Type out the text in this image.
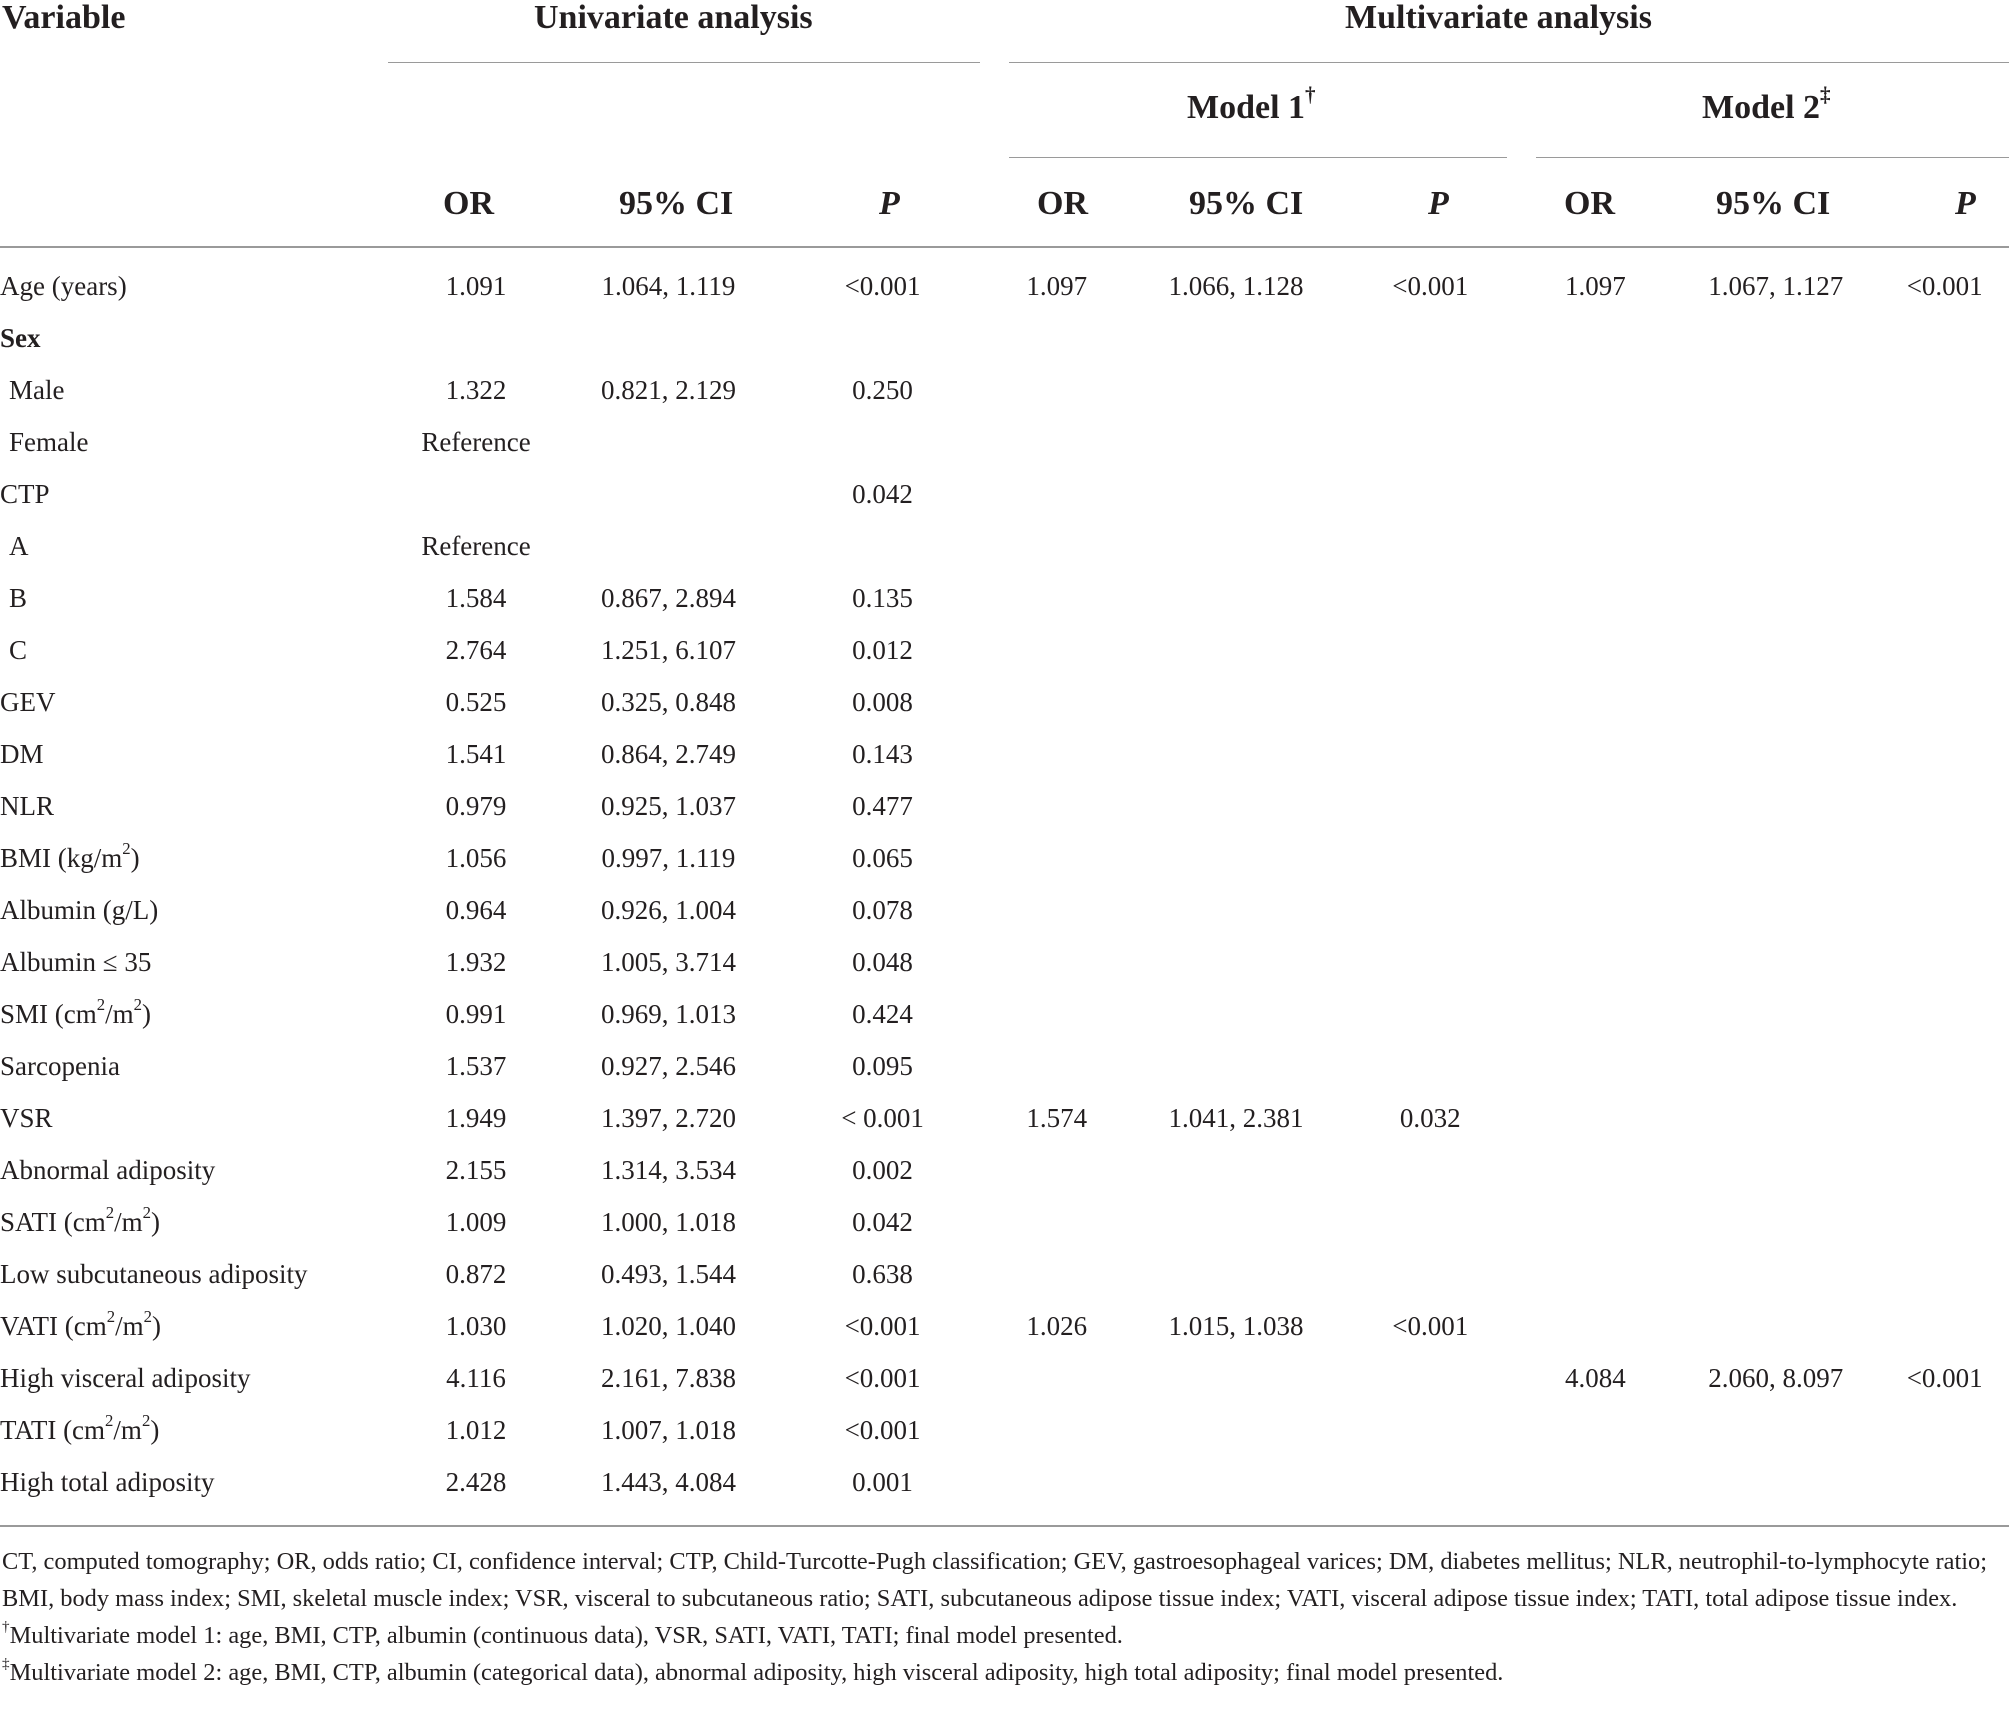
Variable	Univariate analysis	Multivariate analysis
Model 1†	Model 2‡
OR	95% CI	P	OR	95% CI	P	OR	95% CI	P
Age (years)	1.091	1.064, 1.119	<0.001	1.097	1.066, 1.128	<0.001	1.097	1.067, 1.127	<0.001
Sex									
Male	1.322	0.821, 2.129	0.250						
Female	Reference								
CTP			0.042						
A	Reference								
B	1.584	0.867, 2.894	0.135						
C	2.764	1.251, 6.107	0.012						
GEV	0.525	0.325, 0.848	0.008						
DM	1.541	0.864, 2.749	0.143						
NLR	0.979	0.925, 1.037	0.477						
BMI $(kg/m^2)$	1.056	0.997, 1.119	0.065						
Albumin (g/L)	0.964	0.926, 1.004	0.078						
Albumin ≤ 35	1.932	1.005, 3.714	0.048						
SMI $(cm^2/m^2)$	0.991	0.969, 1.013	0.424						
Sarcopenia	1.537	0.927, 2.546	0.095						
VSR	1.949	1.397, 2.720	< 0.001	1.574	1.041, 2.381	0.032			
Abnormal adiposity	2.155	1.314, 3.534	0.002						
SATI $(cm^2/m^2)$	1.009	1.000, 1.018	0.042						
Low subcutaneous adiposity	0.872	0.493, 1.544	0.638						
VATI $(cm^2/m^2)$	1.030	1.020, 1.040	<0.001	1.026	1.015, 1.038	<0.001			
High visceral adiposity	4.116	2.161, 7.838	<0.001				4.084	2.060, 8.097	<0.001
TATI $(cm^2/m^2)$	1.012	1.007, 1.018	<0.001						
High total adiposity	2.428	1.443, 4.084	0.001						

CT, computed tomography; OR, odds ratio; CI, confidence interval; CTP, Child-Turcotte-Pugh classification; GEV, gastroesophageal varices; DM, diabetes mellitus; NLR, neutrophil-to-lymphocyte ratio; BMI, body mass index; SMI, skeletal muscle index; VSR, visceral to subcutaneous ratio; SATI, subcutaneous adipose tissue index; VATI, visceral adipose tissue index; TATI, total adipose tissue index.

†Multivariate model 1: age, BMI, CTP, albumin (continuous data), VSR, SATI, VATI, TATI; final model presented.

‡Multivariate model 2: age, BMI, CTP, albumin (categorical data), abnormal adiposity, high visceral adiposity, high total adiposity; final model presented.
